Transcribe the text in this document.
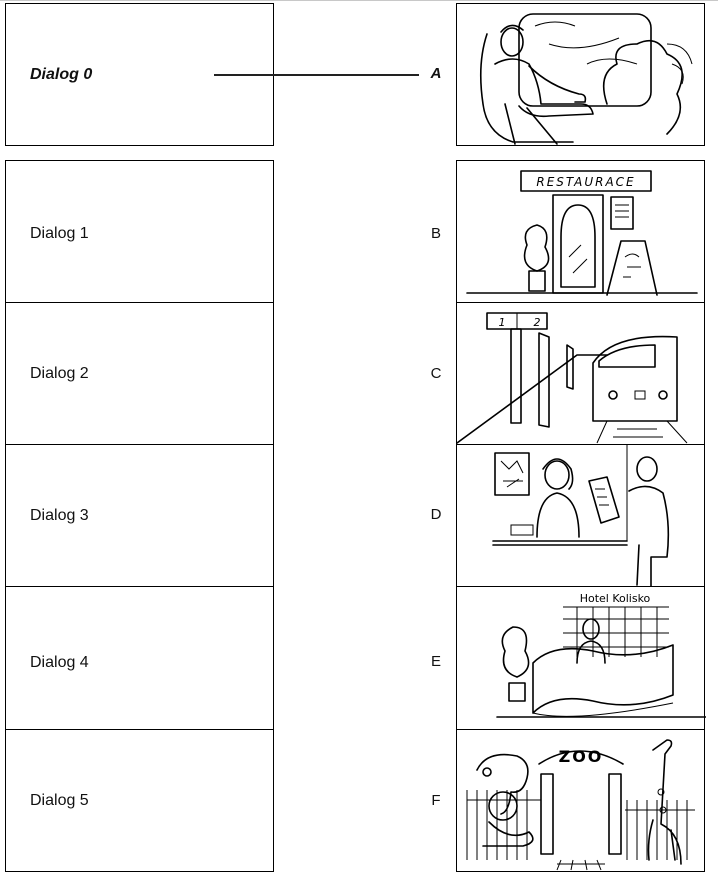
Dialog 0	A
Dialog 1
Dialog 2
Dialog 3
Dialog 4
Dialog 5
B
C
D
E
F
RESTAURACE
1	2
Hotel Kolisko
ZOO
